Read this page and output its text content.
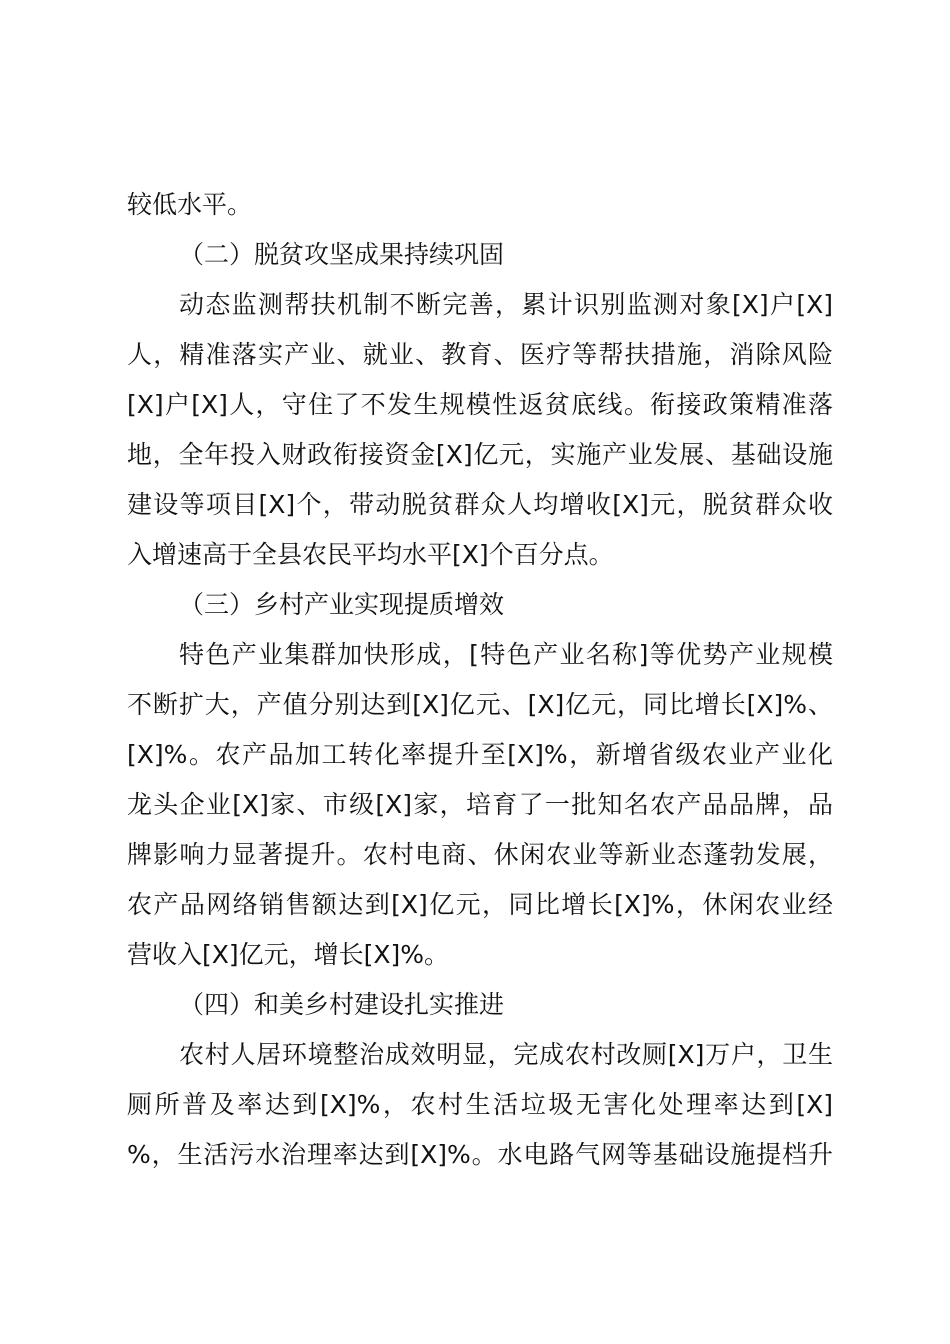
较低水平。
（二）脱贫攻坚成果持续巩固
动态监测帮扶机制不断完善，累计识别监测对象[X]户[X]
人，精准落实产业、就业、教育、医疗等帮扶措施，消除风险
[X]户[X]人，守住了不发生规模性返贫底线。衔接政策精准落
地，全年投入财政衔接资金[X]亿元，实施产业发展、基础设施
建设等项目[X]个，带动脱贫群众人均增收[X]元，脱贫群众收
入增速高于全县农民平均水平[X]个百分点。
（三）乡村产业实现提质增效
特色产业集群加快形成，[特色产业名称]等优势产业规模
不断扩大，产值分别达到[X]亿元、[X]亿元，同比增长[X]%、
[X]%。农产品加工转化率提升至[X]%，新增省级农业产业化
龙头企业[X]家、市级[X]家，培育了一批知名农产品品牌，品
牌影响力显著提升。农村电商、休闲农业等新业态蓬勃发展，
农产品网络销售额达到[X]亿元，同比增长[X]%，休闲农业经
营收入[X]亿元，增长[X]%。
（四）和美乡村建设扎实推进
农村人居环境整治成效明显，完成农村改厕[X]万户，卫生
厕所普及率达到[X]%，农村生活垃圾无害化处理率达到[X]
%，生活污水治理率达到[X]%。水电路气网等基础设施提档升
